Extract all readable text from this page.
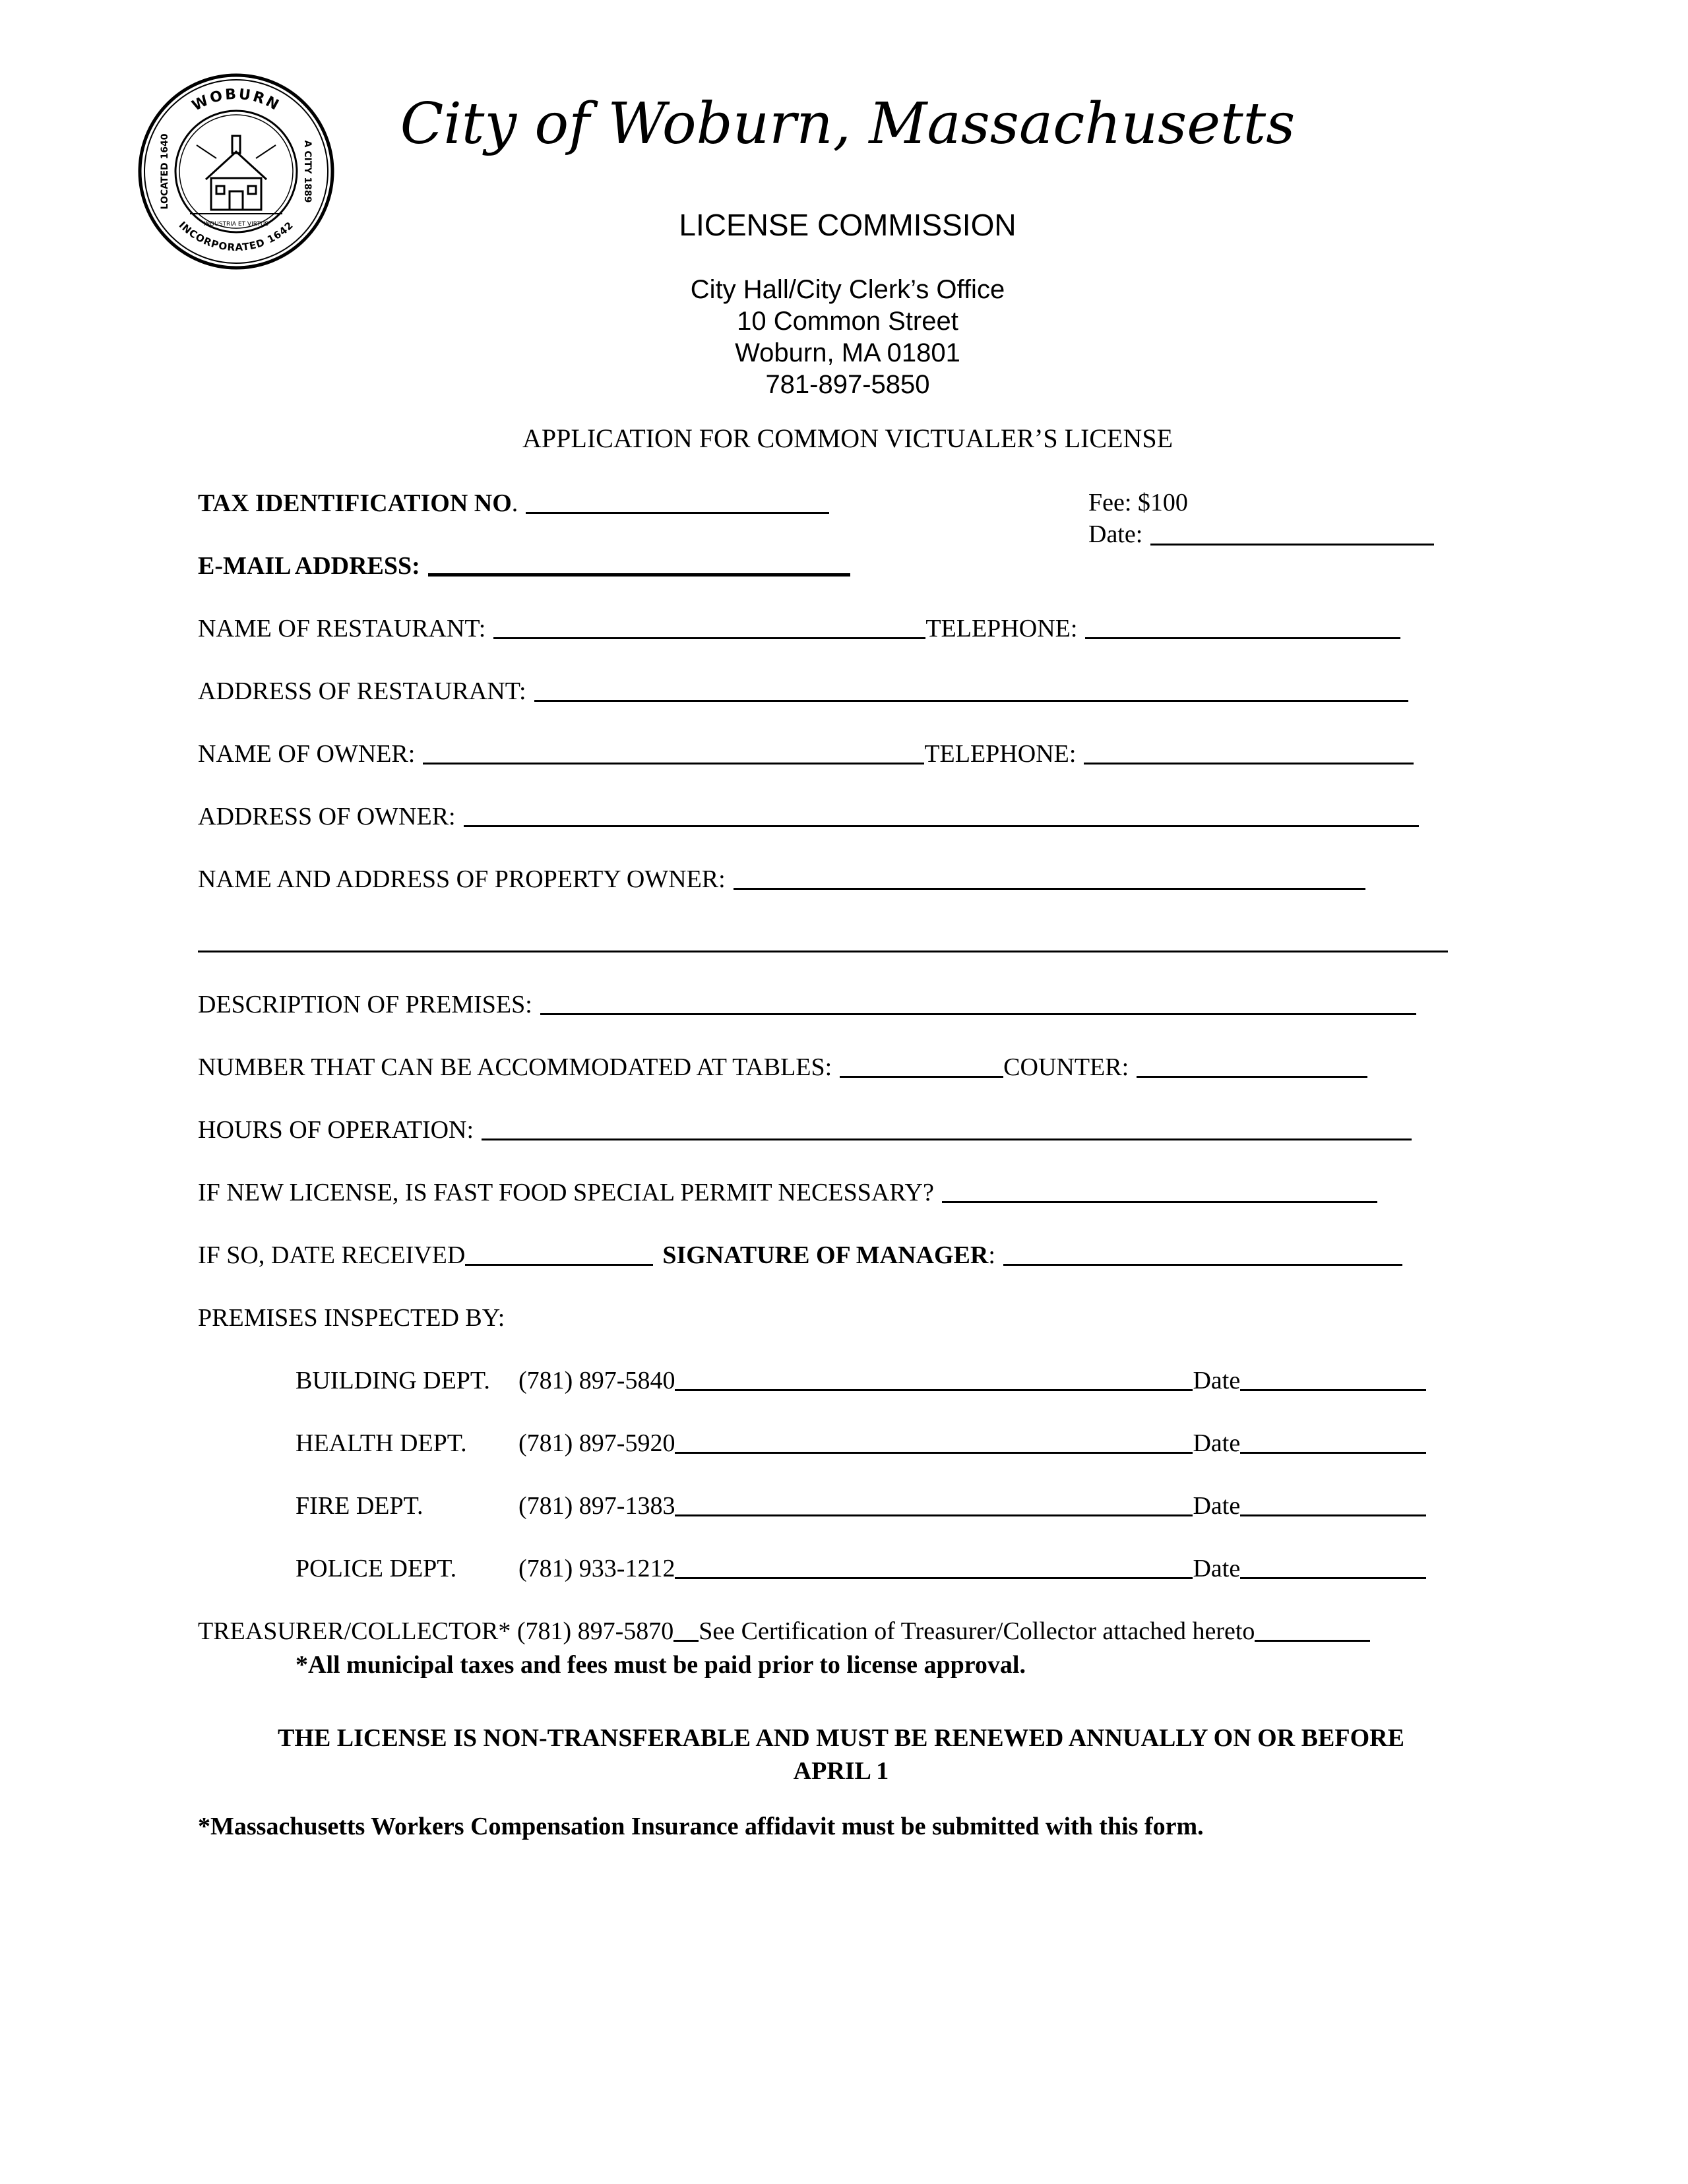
WOBURN
INCORPORATED 1642
LOCATED 1640	A CITY 1889
INDUSTRIA ET VIRTUS
City of Woburn, Massachusetts
LICENSE COMMISSION
City Hall/City Clerk’s Office
10 Common Street
Woburn, MA 01801
781-897-5850
APPLICATION FOR COMMON VICTUALER’S LICENSE
TAX IDENTIFICATION NO .	Fee: $100
Date:
E-MAIL ADDRESS:
NAME OF RESTAURANT:	TELEPHONE:
ADDRESS OF RESTAURANT:
NAME OF OWNER:	TELEPHONE:
ADDRESS OF OWNER:
NAME AND ADDRESS OF PROPERTY OWNER:
DESCRIPTION OF PREMISES:
NUMBER THAT CAN BE ACCOMMODATED AT TABLES:	COUNTER:
HOURS OF OPERATION:
IF NEW LICENSE, IS FAST FOOD SPECIAL PERMIT NECESSARY?
IF SO, DATE RECEIVED	SIGNATURE OF MANAGER :
PREMISES INSPECTED BY:
BUILDING DEPT.	(781) 897-5840	Date
HEALTH DEPT.	(781) 897-5920	Date
FIRE DEPT.	(781) 897-1383	Date
POLICE DEPT.	(781) 933-1212	Date
TREASURER/COLLECTOR* (781) 897-5870 See Certification of Treasurer/Collector attached hereto
*All municipal taxes and fees must be paid prior to license approval.
THE LICENSE IS NON-TRANSFERABLE AND MUST BE RENEWED ANNUALLY ON OR BEFORE
APRIL 1
*Massachusetts Workers Compensation Insurance affidavit must be submitted with this form.
